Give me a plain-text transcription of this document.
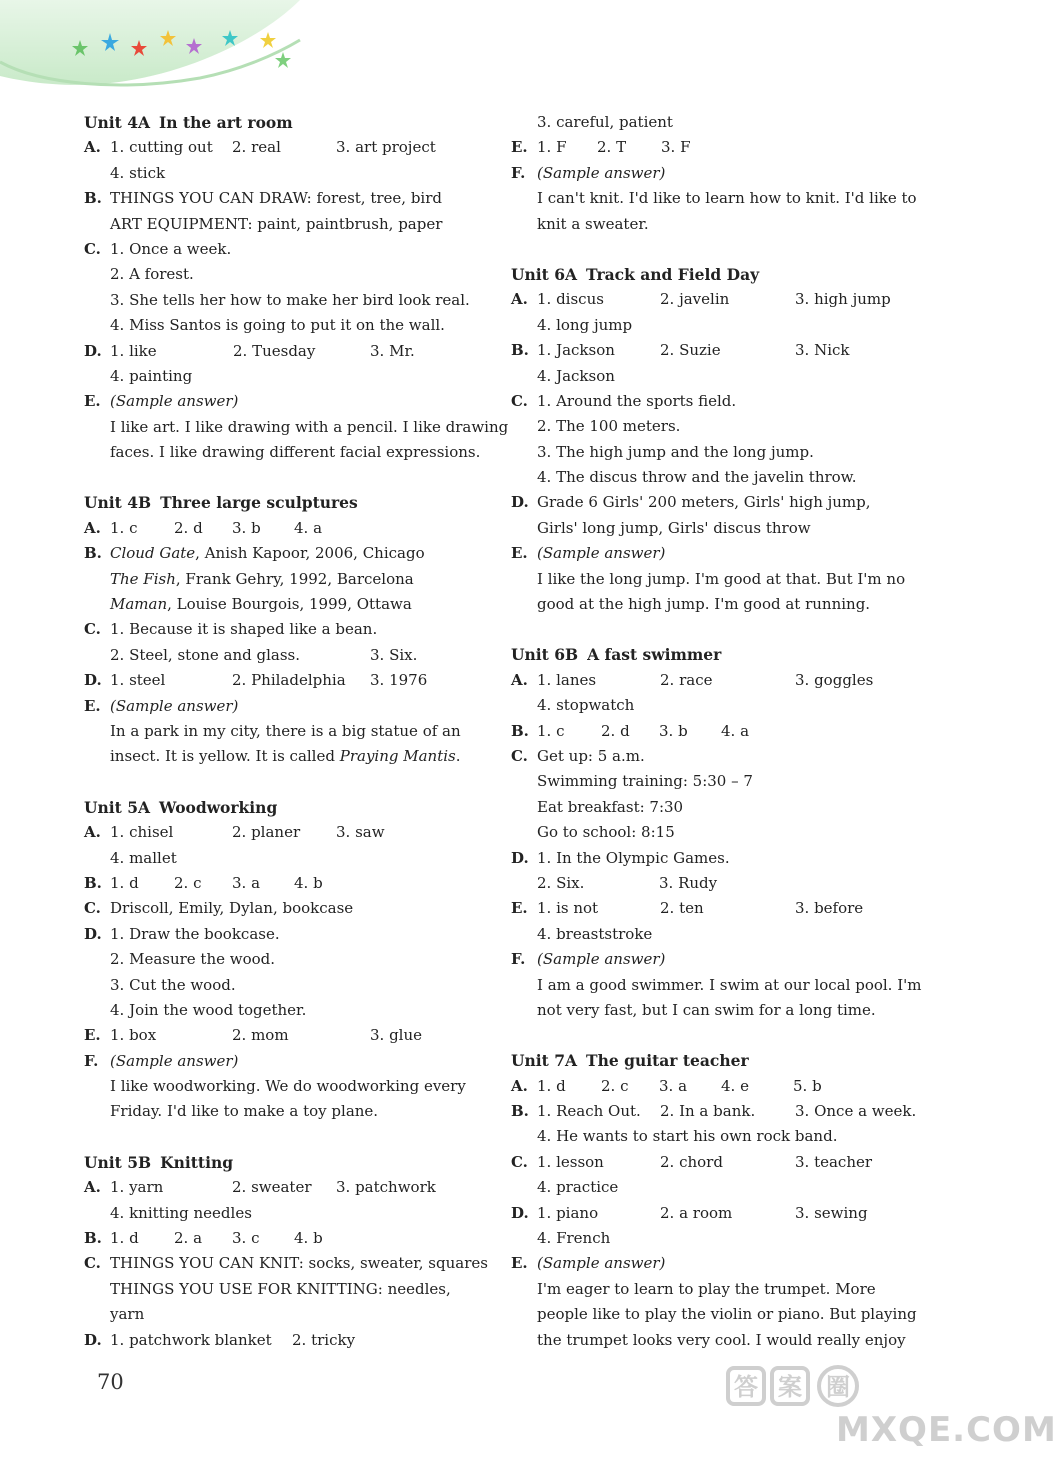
Unit 4A In the art room
A. 1. cutting out 2. real	3. art project
4. stick
B. THINGS YOU CAN DRAW: forest, tree, bird
ART EQUIPMENT: paint, paintbrush, paper
C. 1. Once a week.
2. A forest.
3. She tells her how to make her bird look real.
4. Miss Santos is going to put it on the wall.
D. 1. like	2. Tuesday	3. Mr.
4. painting
E. (Sample answer)
I like art. I like drawing with a pencil. I like drawing
faces. I like drawing different facial expressions.
Unit 4B Three large sculptures
A. 1. c 2. d 3. b 4. a
B. Cloud Gate, Anish Kapoor, 2006, Chicago
The Fish, Frank Gehry, 1992, Barcelona
Maman, Louise Bourgois, 1999, Ottawa
C. 1. Because it is shaped like a bean.
2. Steel, stone and glass.	3. Six.
D. 1. steel	2. Philadelphia 3. 1976
E. (Sample answer)
In a park in my city, there is a big statue of an
insect. It is yellow. It is called Praying Mantis.
Unit 5A Woodworking
A. 1. chisel	2. planer 3. saw
4. mallet
B. 1. d 2. c 3. a 4. b
C. Driscoll, Emily, Dylan, bookcase
D. 1. Draw the bookcase.
2. Measure the wood.
3. Cut the wood.
4. Join the wood together.
E. 1. box	2. mom	3. glue
F. (Sample answer)
I like woodworking. We do woodworking every
Friday. I'd like to make a toy plane.
Unit 5B Knitting
A. 1. yarn	2. sweater 3. patchwork
4. knitting needles
B. 1. d 2. a 3. c 4. b
C. THINGS YOU CAN KNIT: socks, sweater, squares
THINGS YOU USE FOR KNITTING: needles,
yarn
D. 1. patchwork blanket 2. tricky
3. careful, patient
E. 1. F 2. T 3. F
F. (Sample answer)
I can't knit. I'd like to learn how to knit. I'd like to
knit a sweater.
Unit 6A Track and Field Day
A. 1. discus	2. javelin	3. high jump
4. long jump
B. 1. Jackson	2. Suzie	3. Nick
4. Jackson
C. 1. Around the sports field.
2. The 100 meters.
3. The high jump and the long jump.
4. The discus throw and the javelin throw.
D. Grade 6 Girls' 200 meters, Girls' high jump,
Girls' long jump, Girls' discus throw
E. (Sample answer)
I like the long jump. I'm good at that. But I'm no
good at the high jump. I'm good at running.
Unit 6B A fast swimmer
A. 1. lanes	2. race	3. goggles
4. stopwatch
B. 1. c 2. d 3. b 4. a
C. Get up: 5 a.m.
Swimming training: 5:30 – 7
Eat breakfast: 7:30
Go to school: 8:15
D. 1. In the Olympic Games.
2. Six.	3. Rudy
E. 1. is not	2. ten	3. before
4. breaststroke
F. (Sample answer)
I am a good swimmer. I swim at our local pool. I'm
not very fast, but I can swim for a long time.
Unit 7A The guitar teacher
A. 1. d 2. c 3. a 4. e	5. b
B. 1. Reach Out. 2. In a bank.	3. Once a week.
4. He wants to start his own rock band.
C. 1. lesson	2. chord	3. teacher
4. practice
D. 1. piano	2. a room	3. sewing
4. French
E. (Sample answer)
I'm eager to learn to play the trumpet. More
people like to play the violin or piano. But playing
the trumpet looks very cool. I would really enjoy
70	答 案 圈
MXQE.COM
